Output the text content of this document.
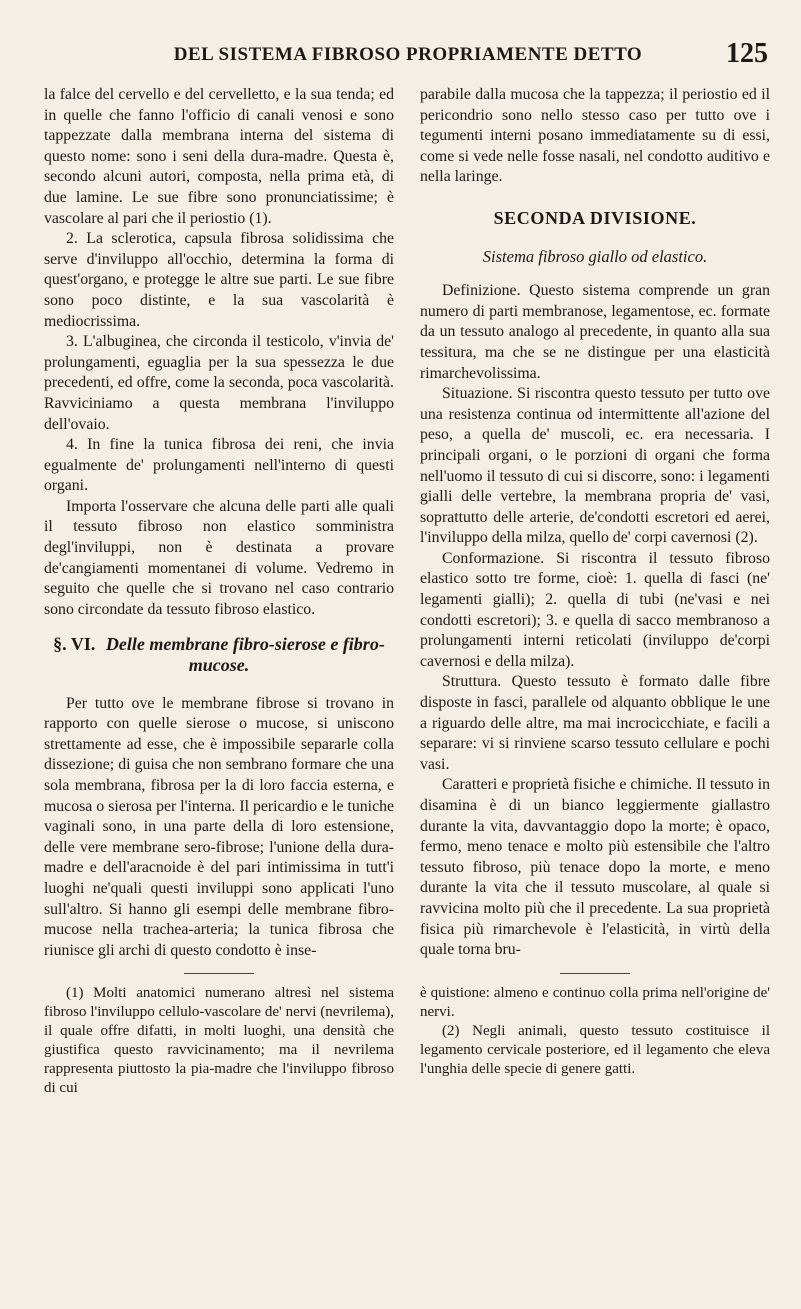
DEL SISTEMA FIBROSO PROPRIAMENTE DETTO	125

la falce del cervello e del cervelletto, e la sua tenda; ed in quelle che fanno l'officio di canali venosi e sono tappezzate dalla membrana interna del sistema di questo nome: sono i seni della dura-madre. Questa è, secondo alcuni autori, composta, nella prima età, di due lamine. Le sue fibre sono pronunciatissime; è vascolare al pari che il periostio (1).

2. La sclerotica, capsula fibrosa solidissima che serve d'inviluppo all'occhio, determina la forma di quest'organo, e protegge le altre sue parti. Le sue fibre sono poco distinte, e la sua vascolarità è mediocrissima.

3. L'albuginea, che circonda il testicolo, v'invia de' prolungamenti, eguaglia per la sua spessezza le due precedenti, ed offre, come la seconda, poca vascolarità. Ravviciniamo a questa membrana l'inviluppo dell'ovaio.

4. In fine la tunica fibrosa dei reni, che invia egualmente de' prolungamenti nell'interno di questi organi.

Importa l'osservare che alcuna delle parti alle quali il tessuto fibroso non elastico somministra degl'inviluppi, non è destinata a provare de'cangiamenti momentanei di volume. Vedremo in seguito che quelle che si trovano nel caso contrario sono circondate da tessuto fibroso elastico.

§. VI. Delle membrane fibro-sierose e fibro-mucose.

Per tutto ove le membrane fibrose si trovano in rapporto con quelle sierose o mucose, si uniscono strettamente ad esse, che è impossibile separarle colla dissezione; di guisa che non sembrano formare che una sola membrana, fibrosa per la di loro faccia esterna, e mucosa o sierosa per l'interna. Il pericardio e le tuniche vaginali sono, in una parte della di loro estensione, delle vere membrane sero-fibrose; l'unione della dura-madre e dell'aracnoide è del pari intimissima in tutt'i luoghi ne'quali questi inviluppi sono applicati l'uno sull'altro. Si hanno gli esempi delle membrane fibro-mucose nella trachea-arteria; la tunica fibrosa che riunisce gli archi di questo condotto è inse-

(1) Molti anatomici numerano altresì nel sistema fibroso l'inviluppo cellulo-vascolare de' nervi (nevrilema), il quale offre difatti, in molti luoghi, una densità che giustifica questo ravvicinamento; ma il nevrilema rappresenta piuttosto la pia-madre che l'inviluppo fibroso di cui

parabile dalla mucosa che la tappezza; il periostio ed il pericondrio sono nello stesso caso per tutto ove i tegumenti interni posano immediatamente su di essi, come si vede nelle fosse nasali, nel condotto auditivo e nella laringe.

SECONDA DIVISIONE.
Sistema fibroso giallo od elastico.

Definizione. Questo sistema comprende un gran numero di parti membranose, legamentose, ec. formate da un tessuto analogo al precedente, in quanto alla sua tessitura, ma che se ne distingue per una elasticità rimarchevolissima.

Situazione. Si riscontra questo tessuto per tutto ove una resistenza continua od intermittente all'azione del peso, a quella de' muscoli, ec. era necessaria. I principali organi, o le porzioni di organi che forma nell'uomo il tessuto di cui si discorre, sono: i legamenti gialli delle vertebre, la membrana propria de' vasi, soprattutto delle arterie, de'condotti escretori ed aerei, l'inviluppo della milza, quello de' corpi cavernosi (2).

Conformazione. Si riscontra il tessuto fibroso elastico sotto tre forme, cioè: 1. quella di fasci (ne' legamenti gialli); 2. quella di tubi (ne'vasi e nei condotti escretori); 3. e quella di sacco membranoso a prolungamenti interni reticolati (inviluppo de'corpi cavernosi e della milza).

Struttura. Questo tessuto è formato dalle fibre disposte in fasci, parallele od alquanto obblique le une a riguardo delle altre, ma mai incrocicchiate, e facili a separare: vi si rinviene scarso tessuto cellulare e pochi vasi.

Caratteri e proprietà fisiche e chimiche. Il tessuto in disamina è di un bianco leggiermente giallastro durante la vita, davvantaggio dopo la morte; è opaco, fermo, meno tenace e molto più estensibile che l'altro tessuto fibroso, più tenace dopo la morte, e meno durante la vita che il tessuto muscolare, al quale si ravvicina molto più che il precedente. La sua proprietà fisica più rimarchevole è l'elasticità, in virtù della quale torna bru-

è quistione: almeno e continuo colla prima nell'origine de' nervi.

(2) Negli animali, questo tessuto costituisce il legamento cervicale posteriore, ed il legamento che eleva l'unghia delle specie di genere gatti.
